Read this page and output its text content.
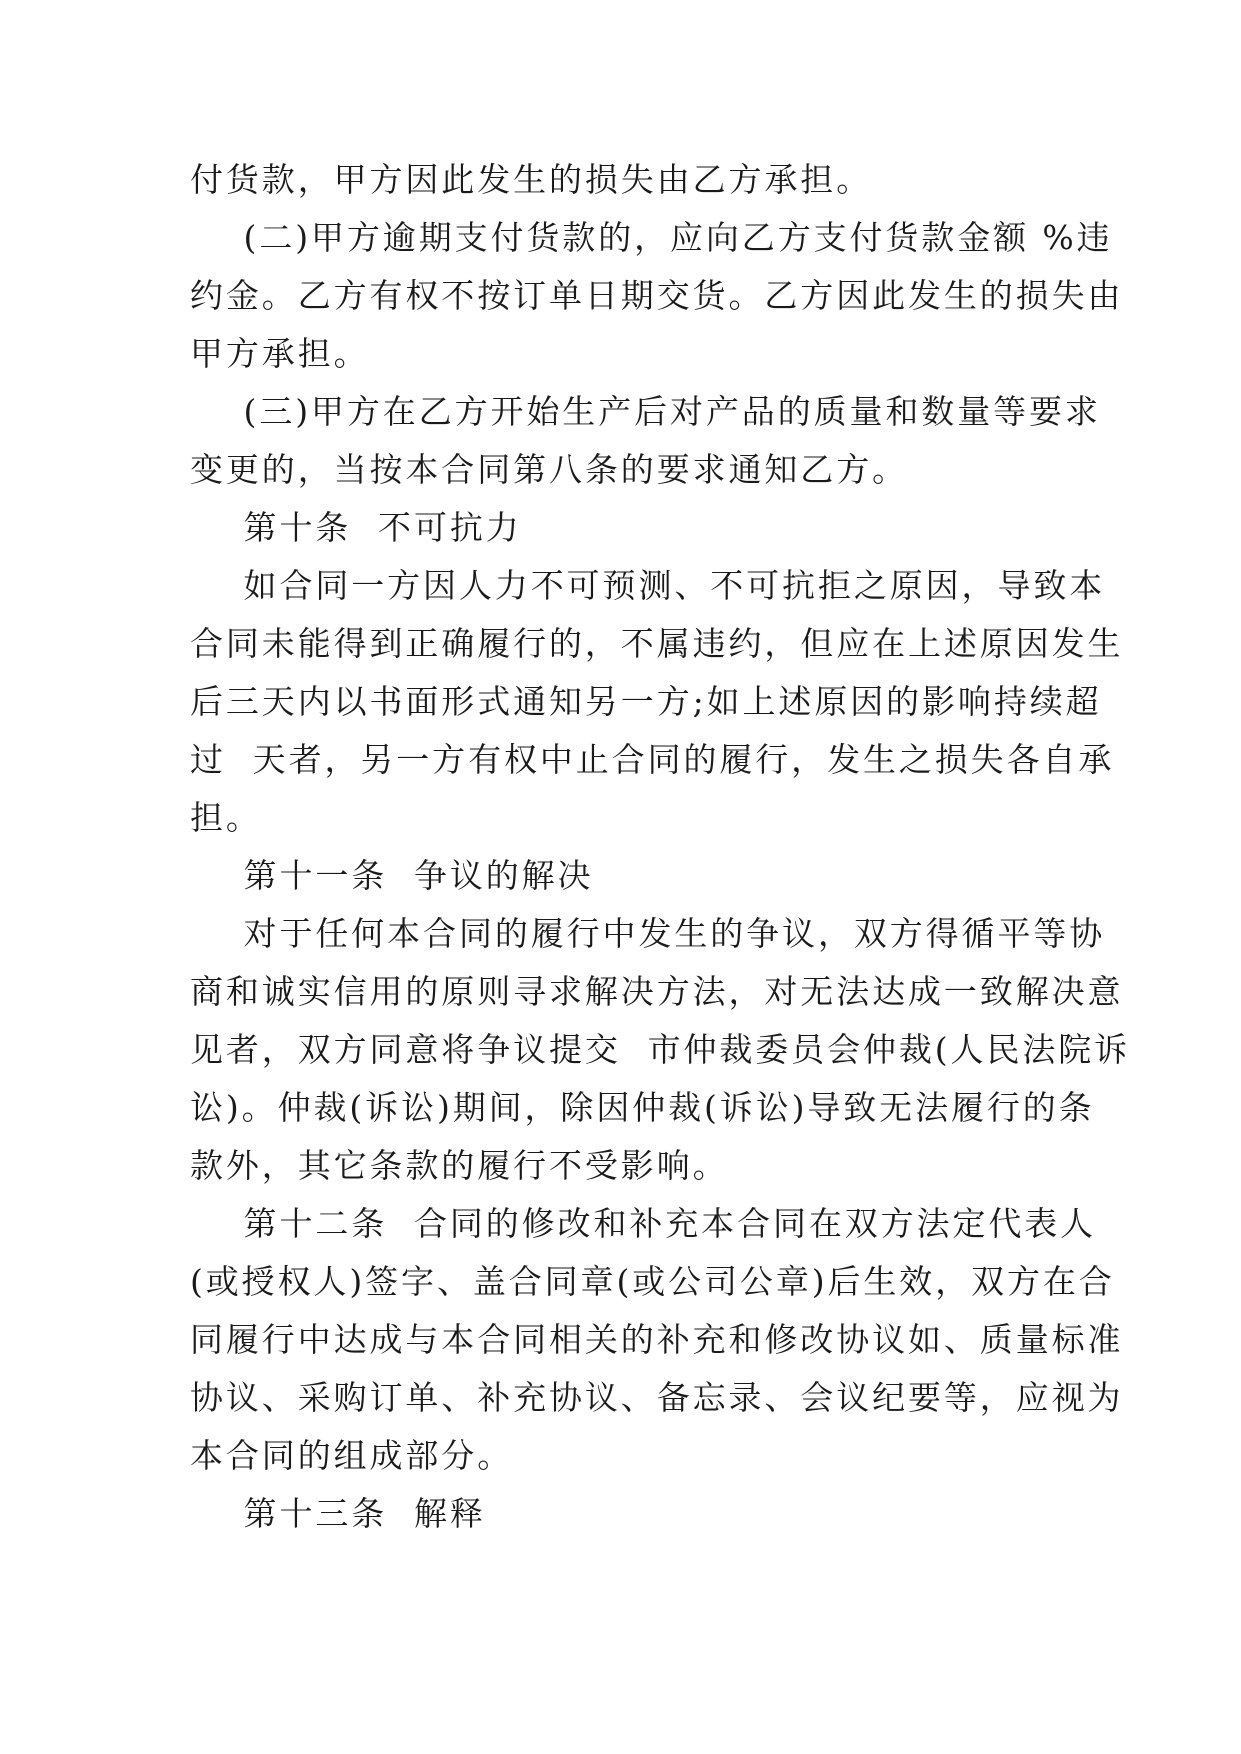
付货款，甲方因此发生的损失由乙方承担。
(二)甲方逾期支付货款的，应向乙方支付货款金额 %违
约金。乙方有权不按订单日期交货。乙方因此发生的损失由
甲方承担。
(三)甲方在乙方开始生产后对产品的质量和数量等要求
变更的，当按本合同第八条的要求通知乙方。
第十条  不可抗力
如合同一方因人力不可预测、不可抗拒之原因，导致本
合同未能得到正确履行的，不属违约，但应在上述原因发生
后三天内以书面形式通知另一方;如上述原因的影响持续超
过  天者，另一方有权中止合同的履行，发生之损失各自承
担。
第十一条  争议的解决
对于任何本合同的履行中发生的争议，双方得循平等协
商和诚实信用的原则寻求解决方法，对无法达成一致解决意
见者，双方同意将争议提交  市仲裁委员会仲裁(人民法院诉
讼)。仲裁(诉讼)期间，除因仲裁(诉讼)导致无法履行的条
款外，其它条款的履行不受影响。
第十二条  合同的修改和补充本合同在双方法定代表人
(或授权人)签字、盖合同章(或公司公章)后生效，双方在合
同履行中达成与本合同相关的补充和修改协议如、质量标准
协议、采购订单、补充协议、备忘录、会议纪要等，应视为
本合同的组成部分。
第十三条  解释
